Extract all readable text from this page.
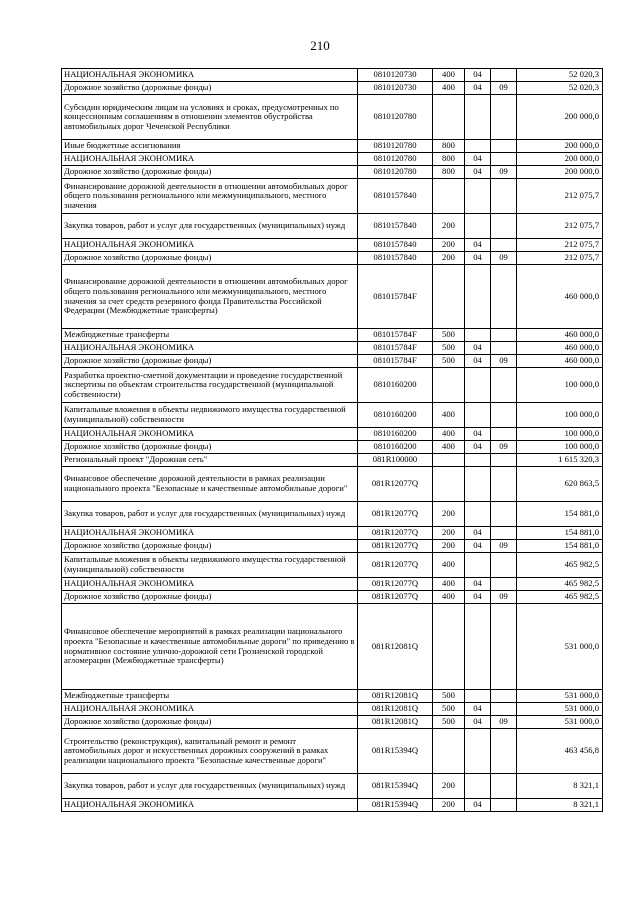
210
НАЦИОНАЛЬНАЯ ЭКОНОМИКА	0810120730	400	04		52 020,3
Дорожное хозяйство (дорожные фонды)	0810120730	400	04	09	52 020,3
Субсидии юридическим лицам на условиях и сроках, предусмотренных по концессионным соглашениям в отношении элементов обустройства автомобильных дорог Чеченской Республики	0810120780				200 000,0
Иные бюджетные ассигнования	0810120780	800			200 000,0
НАЦИОНАЛЬНАЯ ЭКОНОМИКА	0810120780	800	04		200 000,0
Дорожное хозяйство (дорожные фонды)	0810120780	800	04	09	200 000,0
Финансирование дорожной деятельности в отношении автомобильных дорог общего пользования регионального или межмуниципального, местного значения	0810157840				212 075,7
Закупка товаров, работ и услуг для государственных (муниципальных) нужд	0810157840	200			212 075,7
НАЦИОНАЛЬНАЯ ЭКОНОМИКА	0810157840	200	04		212 075,7
Дорожное хозяйство (дорожные фонды)	0810157840	200	04	09	212 075,7
Финансирование дорожной деятельности в отношении автомобильных дорог общего пользования регионального или межмуниципального, местного значения за счет средств резервного фонда Правительства Российской Федерации (Межбюджетные трансферты)	081015784F				460 000,0
Межбюджетные трансферты	081015784F	500			460 000,0
НАЦИОНАЛЬНАЯ ЭКОНОМИКА	081015784F	500	04		460 000,0
Дорожное хозяйство (дорожные фонды)	081015784F	500	04	09	460 000,0
Разработка проектно-сметной документации и проведение государственной экспертизы по объектам строительства государственной (муниципальной собственности)	0810160200				100 000,0
Капитальные вложения в объекты недвижимого имущества государственной (муниципальной) собственности	0810160200	400			100 000,0
НАЦИОНАЛЬНАЯ ЭКОНОМИКА	0810160200	400	04		100 000,0
Дорожное хозяйство (дорожные фонды)	0810160200	400	04	09	100 000,0
Региональный проект "Дорожная сеть"	081R100000				1 615 320,3
Финансовое обеспечение дорожной деятельности в рамках реализации национального проекта "Безопасные и качественные автомобильные дороги"	081R12077Q				620 863,5
Закупка товаров, работ и услуг для государственных (муниципальных) нужд	081R12077Q	200			154 881,0
НАЦИОНАЛЬНАЯ ЭКОНОМИКА	081R12077Q	200	04		154 881,0
Дорожное хозяйство (дорожные фонды)	081R12077Q	200	04	09	154 881,0
Капитальные вложения в объекты недвижимого имущества государственной (муниципальной) собственности	081R12077Q	400			465 982,5
НАЦИОНАЛЬНАЯ ЭКОНОМИКА	081R12077Q	400	04		465 982,5
Дорожное хозяйство (дорожные фонды)	081R12077Q	400	04	09	465 982,5
Финансовое обеспечение мероприятий в рамках реализации национального проекта "Безопасные и качественные автомобильные дороги" по приведению в нормативное состояние улично-дорожной сети Грозненской городской агломерации (Межбюджетные трансферты)	081R12081Q				531 000,0
Межбюджетные трансферты	081R12081Q	500			531 000,0
НАЦИОНАЛЬНАЯ ЭКОНОМИКА	081R12081Q	500	04		531 000,0
Дорожное хозяйство (дорожные фонды)	081R12081Q	500	04	09	531 000,0
Строительство (реконструкция), капитальный ремонт и ремонт автомобильных дорог и искусственных дорожных сооружений в рамках реализации национального проекта "Безопасные качественные дороги"	081R15394Q				463 456,8
Закупка товаров, работ и услуг для государственных (муниципальных) нужд	081R15394Q	200			8 321,1
НАЦИОНАЛЬНАЯ ЭКОНОМИКА	081R15394Q	200	04		8 321,1
